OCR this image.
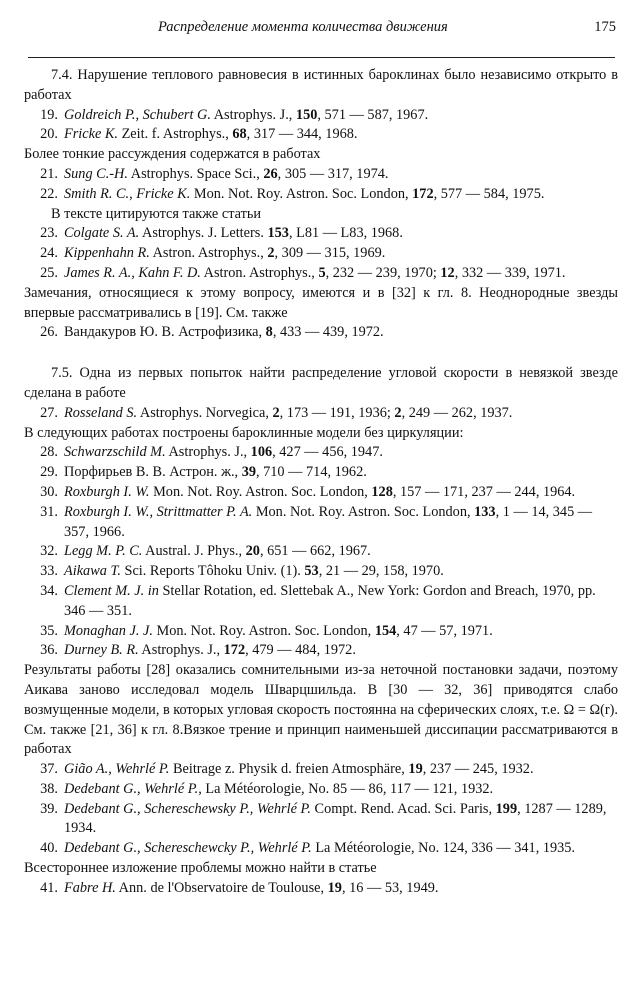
Распределение момента количества движения	175

7.4. Нарушение теплового равновесия в истинных бароклинах было независимо открыто в работах

19. Goldreich P., Schubert G. Astrophys. J., 150, 571 — 587, 1967.
20. Fricke K. Zeit. f. Astrophys., 68, 317 — 344, 1968.

Более тонкие рассуждения содержатся в работах

21. Sung C.-H. Astrophys. Space Sci., 26, 305 — 317, 1974.
22. Smith R. C., Fricke K. Mon. Not. Roy. Astron. Soc. London, 172, 577 — 584, 1975.

В тексте цитируются также статьи

23. Colgate S. A. Astrophys. J. Letters. 153, L81 — L83, 1968.
24. Kippenhahn R. Astron. Astrophys., 2, 309 — 315, 1969.
25. James R. A., Kahn F. D. Astron. Astrophys., 5, 232 — 239, 1970; 12, 332 — 339, 1971.

Замечания, относящиеся к этому вопросу, имеются и в [32] к гл. 8. Неоднородные звезды впервые рассматривались в [19]. См. также

26. Вандакуров Ю. В. Астрофизика, 8, 433 — 439, 1972.

7.5. Одна из первых попыток найти распределение угловой скорости в невязкой звезде сделана в работе

27. Rosseland S. Astrophys. Norvegica, 2, 173 — 191, 1936; 2, 249 — 262, 1937.

В следующих работах построены бароклинные модели без циркуляции:

28. Schwarzschild M. Astrophys. J., 106, 427 — 456, 1947.
29. Порфирьев В. В. Астрон. ж., 39, 710 — 714, 1962.
30. Roxburgh I. W. Mon. Not. Roy. Astron. Soc. London, 128, 157 — 171, 237 — 244, 1964.
31. Roxburgh I. W., Strittmatter P. A. Mon. Not. Roy. Astron. Soc. London, 133, 1 — 14, 345 — 357, 1966.
32. Legg M. P. C. Austral. J. Phys., 20, 651 — 662, 1967.
33. Aikawa T. Sci. Reports Tôhoku Univ. (1). 53, 21 — 29, 158, 1970.
34. Clement M. J. in Stellar Rotation, ed. Slettebak A., New York: Gordon and Breach, 1970, pp. 346 — 351.
35. Monaghan J. J. Mon. Not. Roy. Astron. Soc. London, 154, 47 — 57, 1971.
36. Durney B. R. Astrophys. J., 172, 479 — 484, 1972.

Результаты работы [28] оказались сомнительными из-за неточной постановки задачи, поэтому Аикава заново исследовал модель Шварцшильда. В [30 — 32, 36] приводятся слабо возмущенные модели, в которых угловая скорость постоянна на сферических слоях, т.е. Ω = Ω(r). См. также [21, 36] к гл. 8.Вязкое трение и принцип наименьшей диссипации рассматриваются в работах

37. Gião A., Wehrlé P. Beitrage z. Physik d. freien Atmosphäre, 19, 237 — 245, 1932.
38. Dedebant G., Wehrlé P., La Météorologie, No. 85 — 86, 117 — 121, 1932.
39. Dedebant G., Schereschewsky P., Wehrlé P. Compt. Rend. Acad. Sci. Paris, 199, 1287 — 1289, 1934.
40. Dedebant G., Schereschewcky P., Wehrlé P. La Météorologie, No. 124, 336 — 341, 1935.

Всестороннее изложение проблемы можно найти в статье

41. Fabre H. Ann. de l'Observatoire de Toulouse, 19, 16 — 53, 1949.
